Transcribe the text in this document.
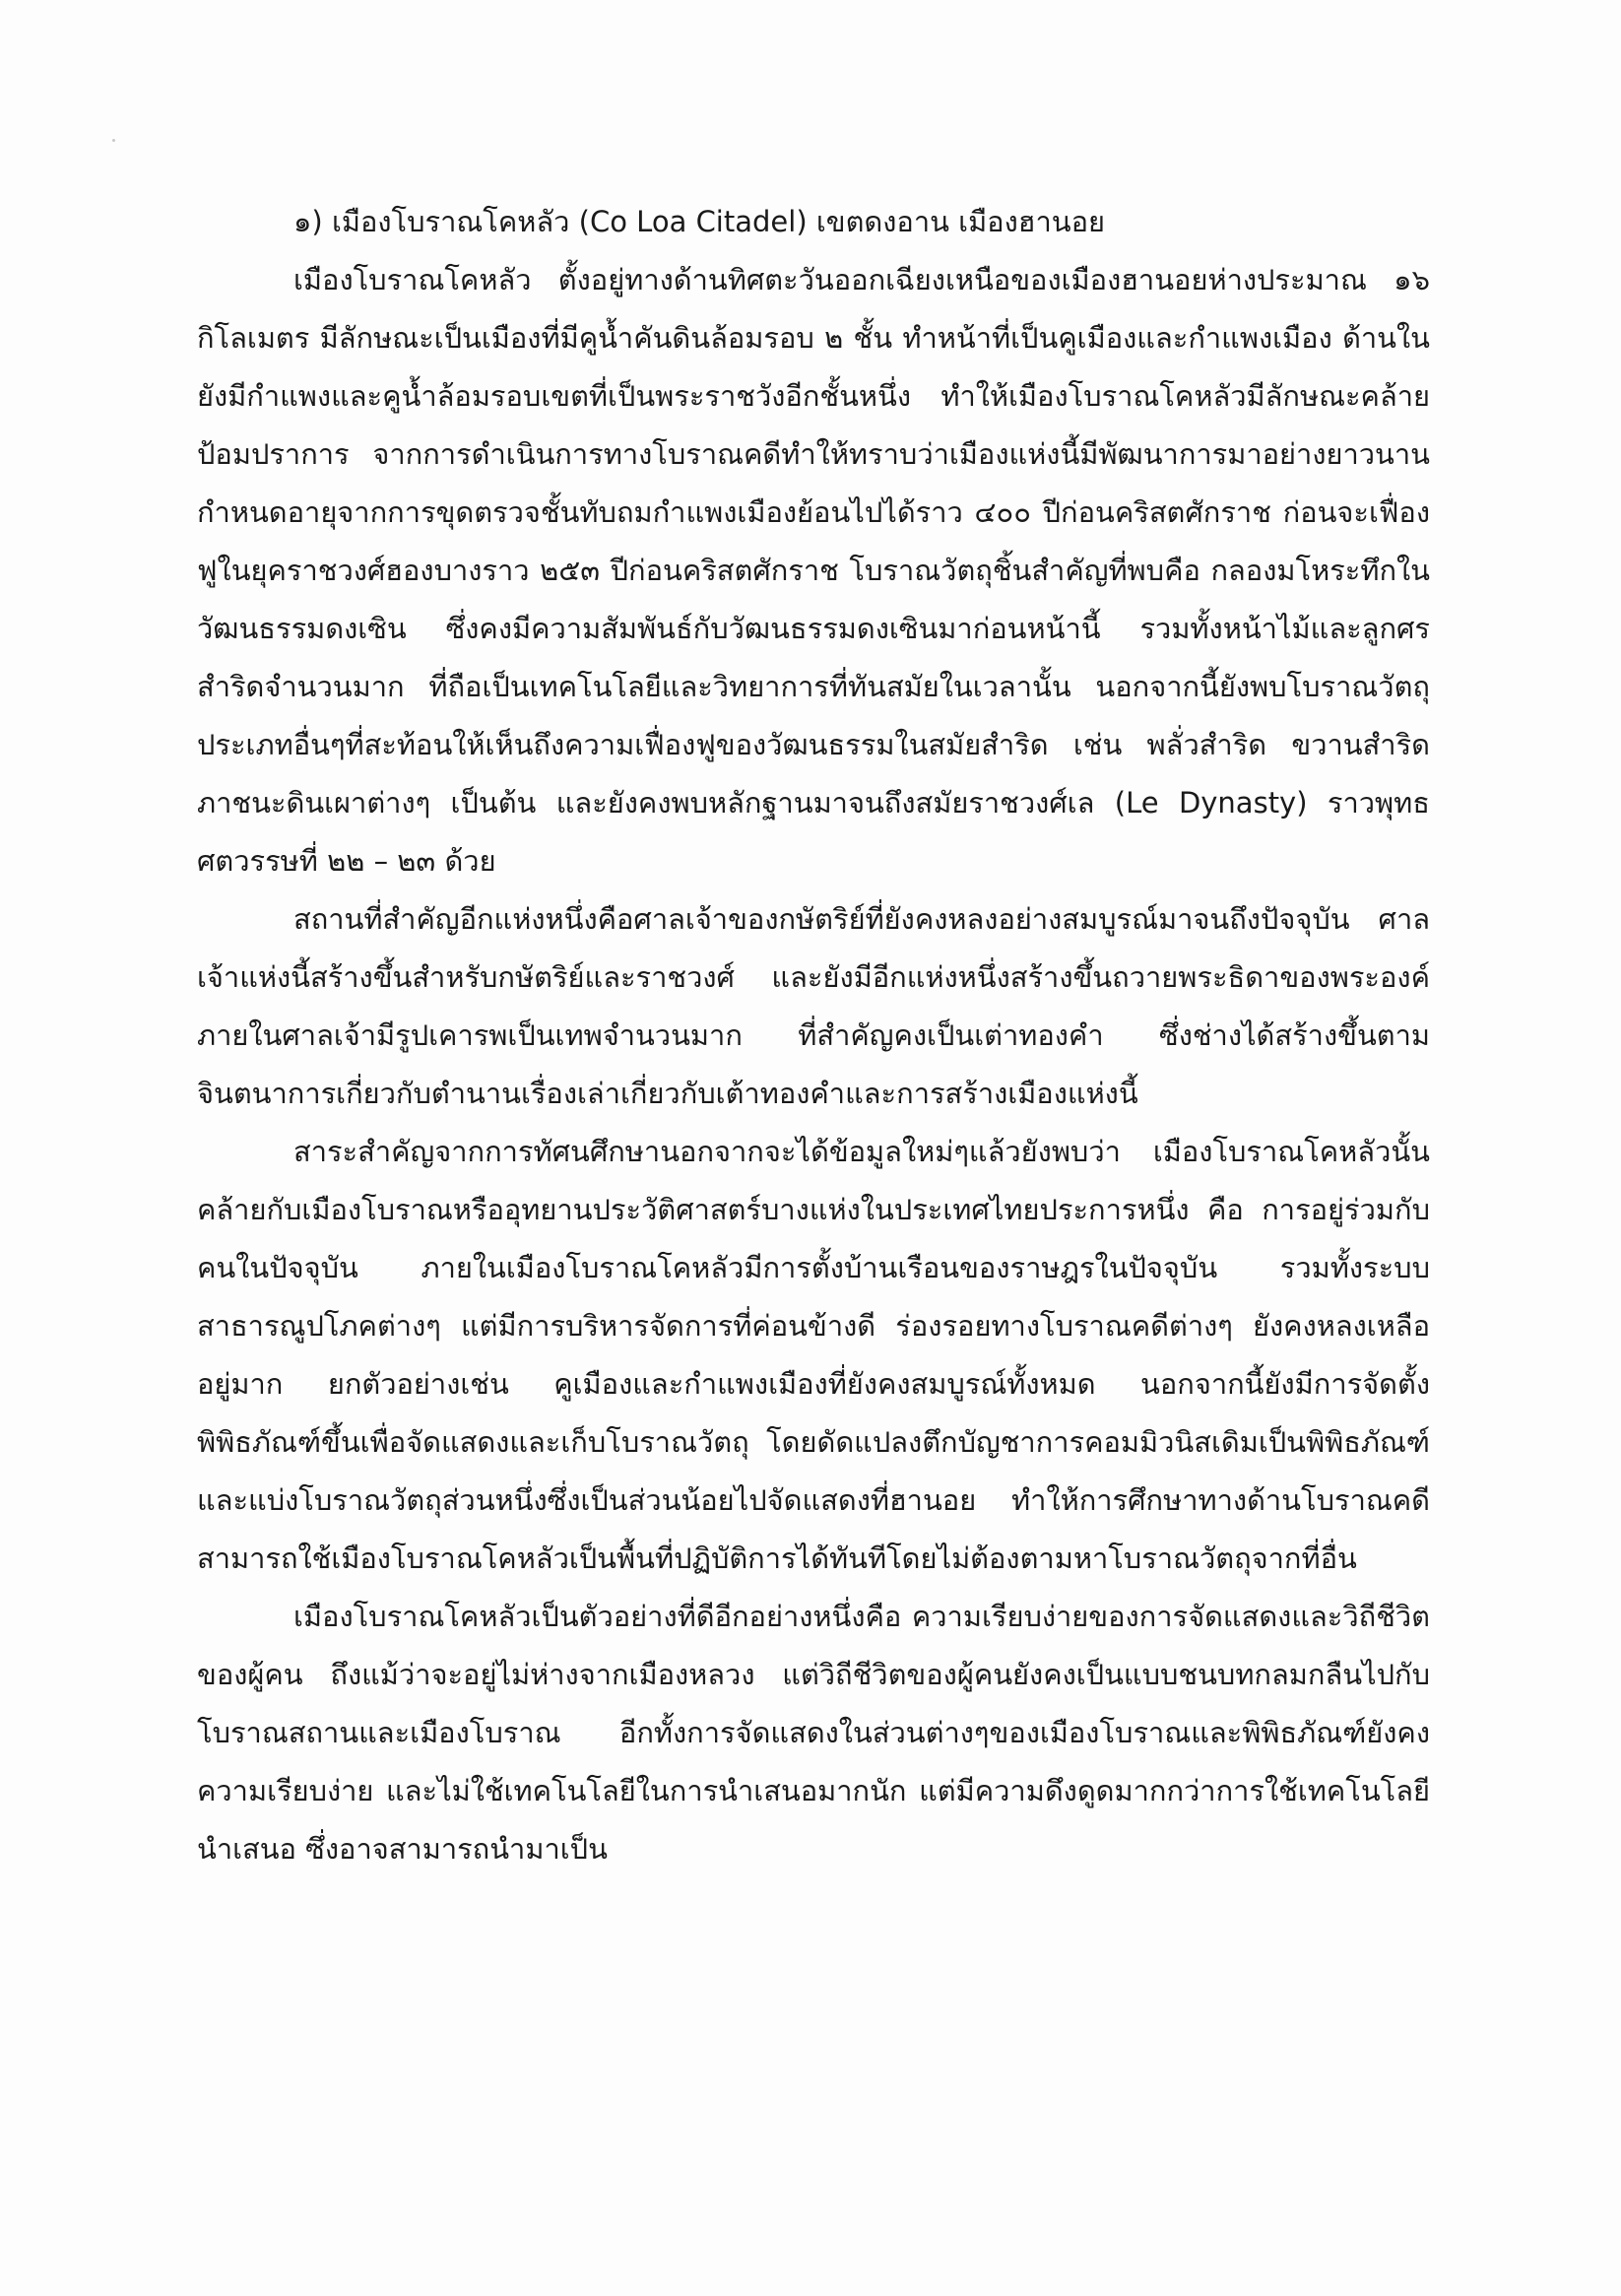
๑) เมืองโบราณโคหลัว (Co Loa Citadel) เขตดงอาน เมืองฮานอย

เมืองโบราณโคหลัว ตั้งอยู่ทางด้านทิศตะวันออกเฉียงเหนือของเมืองฮานอยห่างประมาณ ๑๖ กิโลเมตร มีลักษณะเป็นเมืองที่มีคูน้ำคันดินล้อมรอบ ๒ ชั้น ทำหน้าที่เป็นคูเมืองและกำแพงเมือง ด้านในยังมีกำแพงและคูน้ำล้อมรอบเขตที่เป็นพระราชวังอีกชั้นหนึ่ง ทำให้เมืองโบราณโคหลัวมีลักษณะคล้ายป้อมปราการ จากการดำเนินการทางโบราณคดีทำให้ทราบว่าเมืองแห่งนี้มีพัฒนาการมาอย่างยาวนานกำหนดอายุจากการขุดตรวจชั้นทับถมกำแพงเมืองย้อนไปได้ราว ๔๐๐ ปีก่อนคริสตศักราช ก่อนจะเฟื่องฟูในยุคราชวงศ์ฮองบางราว ๒๕๓ ปีก่อนคริสตศักราช โบราณวัตถุชิ้นสำคัญที่พบคือ กลองมโหระทึกในวัฒนธรรมดงเซิน ซึ่งคงมีความสัมพันธ์กับวัฒนธรรมดงเซินมาก่อนหน้านี้ รวมทั้งหน้าไม้และลูกศรสำริดจำนวนมาก ที่ถือเป็นเทคโนโลยีและวิทยาการที่ทันสมัยในเวลานั้น นอกจากนี้ยังพบโบราณวัตถุประเภทอื่นๆที่สะท้อนให้เห็นถึงความเฟื่องฟูของวัฒนธรรมในสมัยสำริด เช่น พลั่วสำริด ขวานสำริด ภาชนะดินเผาต่างๆ เป็นต้น และยังคงพบหลักฐานมาจนถึงสมัยราชวงศ์เล (Le Dynasty) ราวพุทธศตวรรษที่ ๒๒ – ๒๓ ด้วย

สถานที่สำคัญอีกแห่งหนึ่งคือศาลเจ้าของกษัตริย์ที่ยังคงหลงอย่างสมบูรณ์มาจนถึงปัจจุบัน ศาลเจ้าแห่งนี้สร้างขึ้นสำหรับกษัตริย์และราชวงศ์ และยังมีอีกแห่งหนึ่งสร้างขึ้นถวายพระธิดาของพระองค์ ภายในศาลเจ้ามีรูปเคารพเป็นเทพจำนวนมาก ที่สำคัญคงเป็นเต่าทองคำ ซึ่งช่างได้สร้างขึ้นตามจินตนาการเกี่ยวกับตำนานเรื่องเล่าเกี่ยวกับเต้าทองคำและการสร้างเมืองแห่งนี้

สาระสำคัญจากการทัศนศึกษานอกจากจะได้ข้อมูลใหม่ๆแล้วยังพบว่า เมืองโบราณโคหลัวนั้น คล้ายกับเมืองโบราณหรืออุทยานประวัติศาสตร์บางแห่งในประเทศไทยประการหนึ่ง คือ การอยู่ร่วมกับคนในปัจจุบัน ภายในเมืองโบราณโคหลัวมีการตั้งบ้านเรือนของราษฎรในปัจจุบัน รวมทั้งระบบสาธารณูปโภคต่างๆ แต่มีการบริหารจัดการที่ค่อนข้างดี ร่องรอยทางโบราณคดีต่างๆ ยังคงหลงเหลืออยู่มาก ยกตัวอย่างเช่น คูเมืองและกำแพงเมืองที่ยังคงสมบูรณ์ทั้งหมด นอกจากนี้ยังมีการจัดตั้งพิพิธภัณฑ์ขึ้นเพื่อจัดแสดงและเก็บโบราณวัตถุ โดยดัดแปลงตึกบัญชาการคอมมิวนิสเดิมเป็นพิพิธภัณฑ์ และแบ่งโบราณวัตถุส่วนหนึ่งซึ่งเป็นส่วนน้อยไปจัดแสดงที่ฮานอย ทำให้การศึกษาทางด้านโบราณคดีสามารถใช้เมืองโบราณโคหลัวเป็นพื้นที่ปฏิบัติการได้ทันทีโดยไม่ต้องตามหาโบราณวัตถุจากที่อื่น

เมืองโบราณโคหลัวเป็นตัวอย่างที่ดีอีกอย่างหนึ่งคือ ความเรียบง่ายของการจัดแสดงและวิถีชีวิตของผู้คน ถึงแม้ว่าจะอยู่ไม่ห่างจากเมืองหลวง แต่วิถีชีวิตของผู้คนยังคงเป็นแบบชนบทกลมกลืนไปกับโบราณสถานและเมืองโบราณ อีกทั้งการจัดแสดงในส่วนต่างๆของเมืองโบราณและพิพิธภัณฑ์ยังคงความเรียบง่าย และไม่ใช้เทคโนโลยีในการนำเสนอมากนัก แต่มีความดึงดูดมากกว่าการใช้เทคโนโลยีนำเสนอ ซึ่งอาจสามารถนำมาเป็น
